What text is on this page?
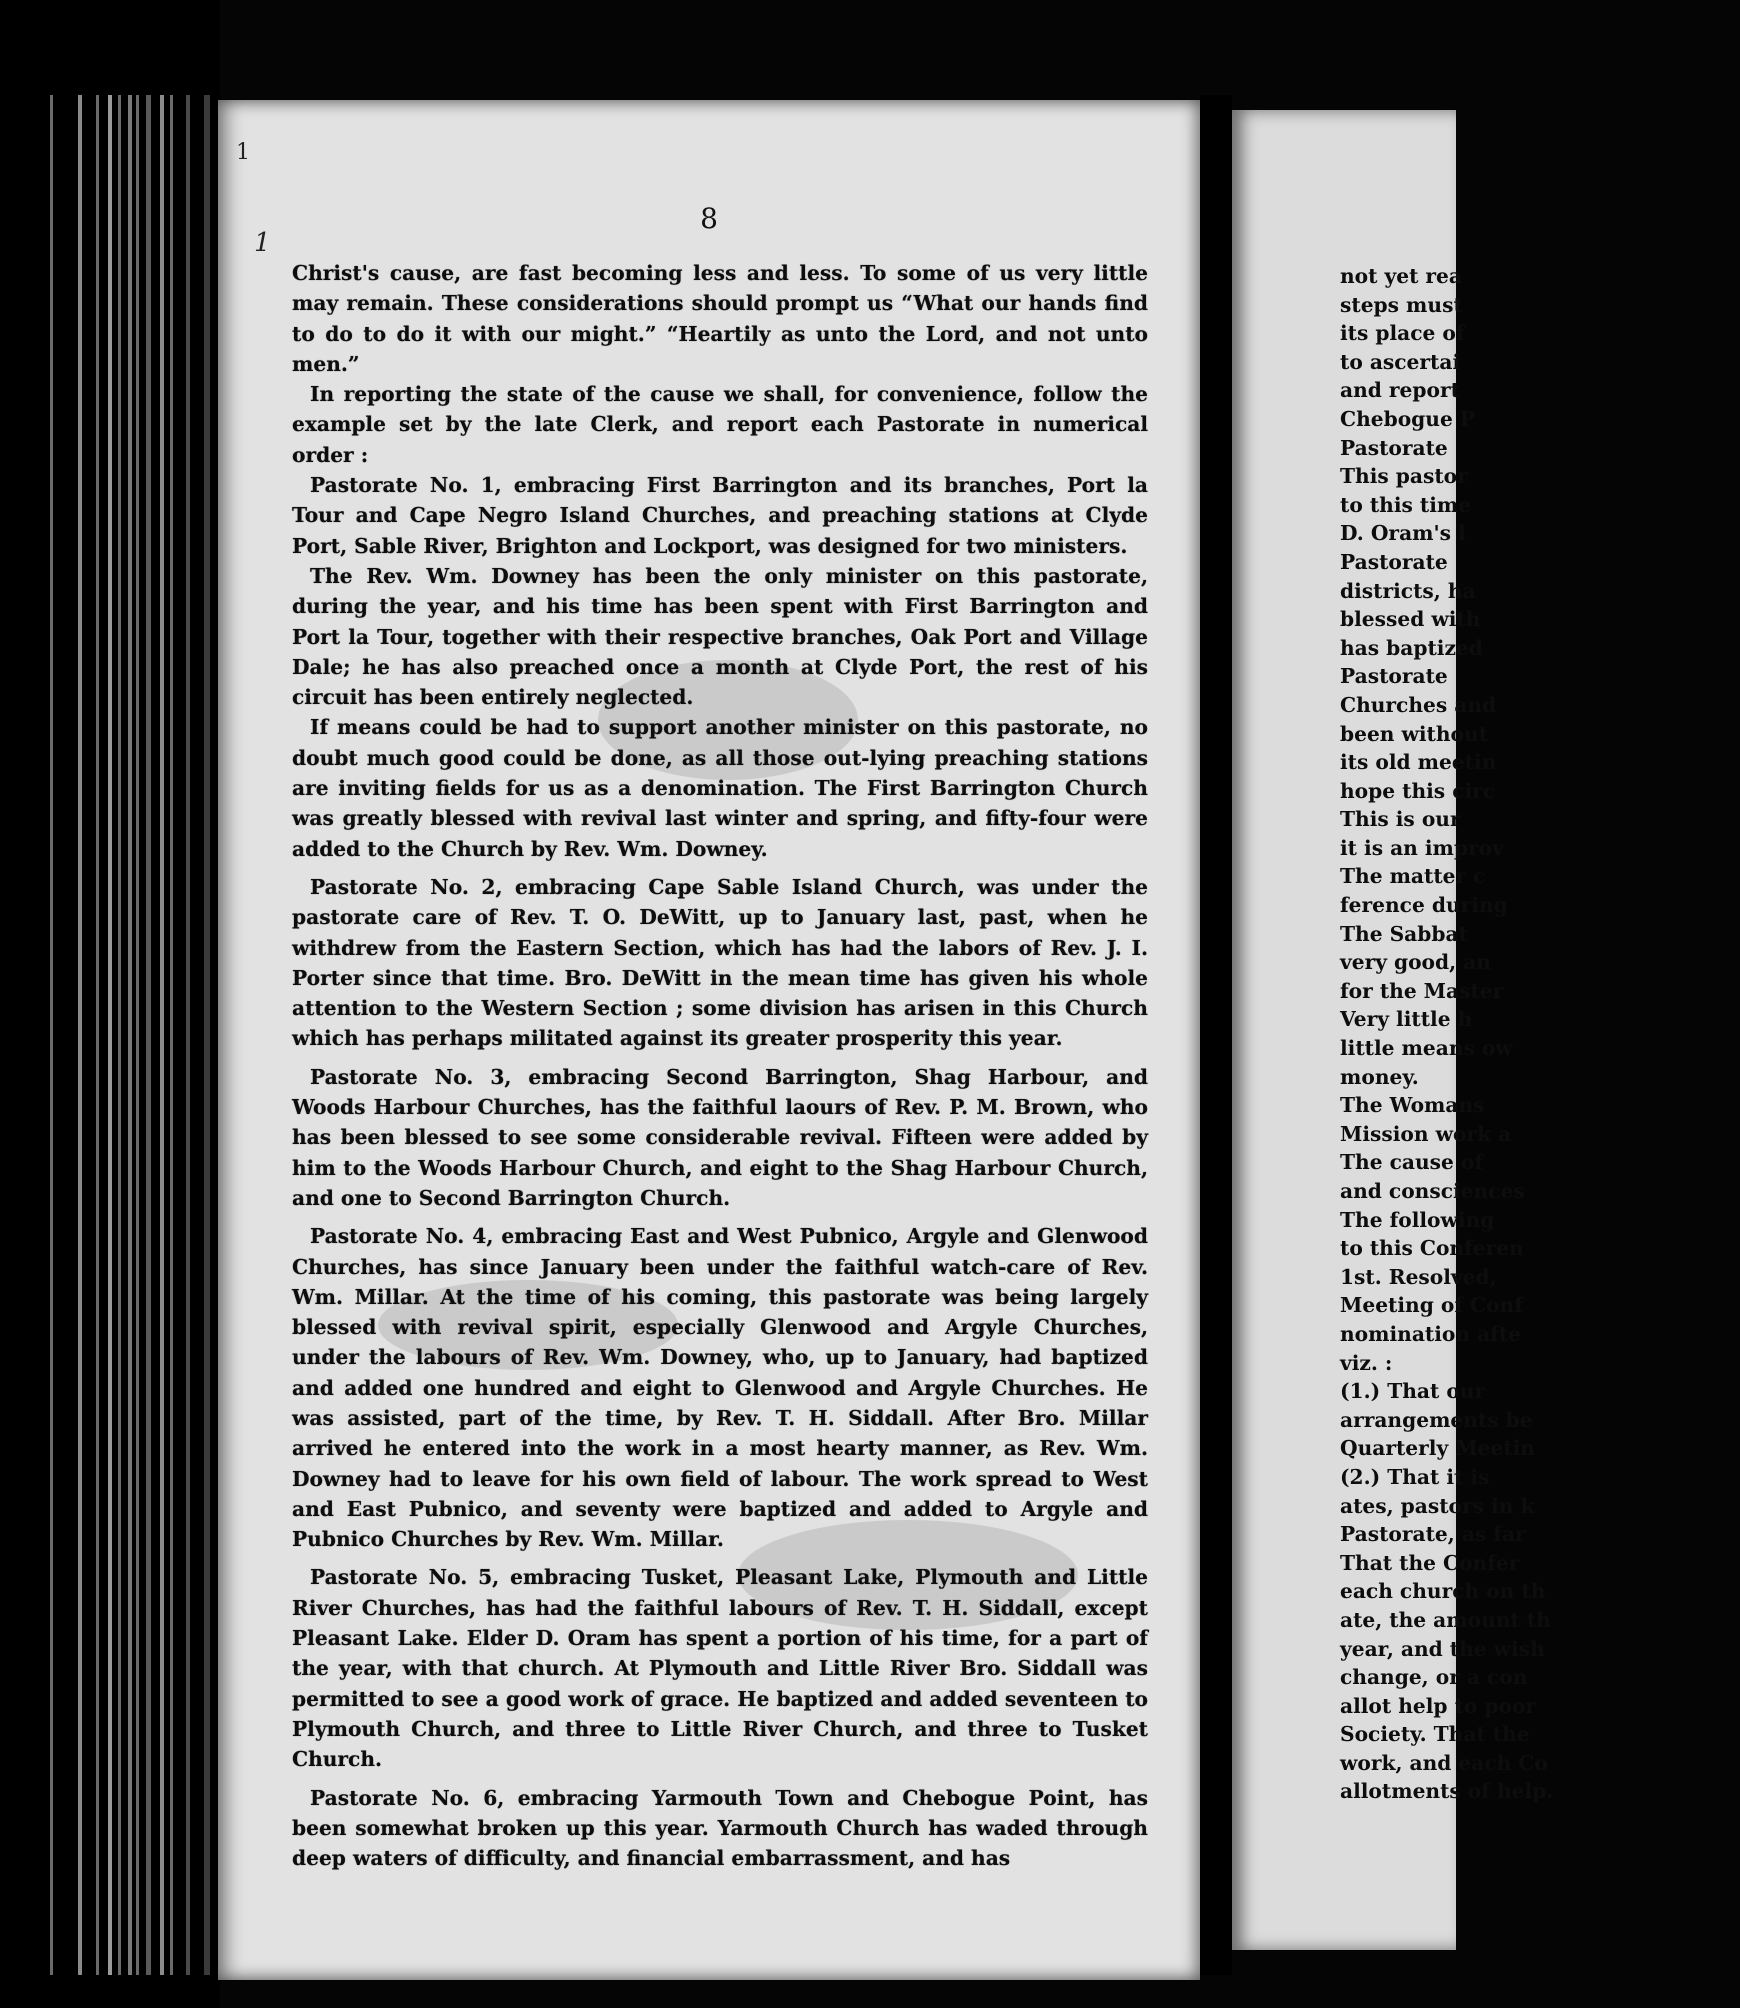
1
8
1

Christ's cause, are fast becoming less and less. To some of us very little may remain. These considerations should prompt us “What our hands find to do to do it with our might.” “Heartily as unto the Lord, and not unto men.”

In reporting the state of the cause we shall, for convenience, follow the example set by the late Clerk, and report each Pastorate in numerical order :

Pastorate No. 1, embracing First Barrington and its branches, Port la Tour and Cape Negro Island Churches, and preaching stations at Clyde Port, Sable River, Brighton and Lockport, was designed for two ministers.

The Rev. Wm. Downey has been the only minister on this pastorate, during the year, and his time has been spent with First Barrington and Port la Tour, together with their respective branches, Oak Port and Village Dale; he has also preached once a month at Clyde Port, the rest of his circuit has been entirely neglected.

If means could be had to support another minister on this pastorate, no doubt much good could be done, as all those out-lying preaching stations are inviting fields for us as a denomination. The First Barrington Church was greatly blessed with revival last winter and spring, and fifty-four were added to the Church by Rev. Wm. Downey.

Pastorate No. 2, embracing Cape Sable Island Church, was under the pastorate care of Rev. T. O. DeWitt, up to January last, past, when he withdrew from the Eastern Section, which has had the labors of Rev. J. I. Porter since that time. Bro. DeWitt in the mean time has given his whole attention to the Western Section ; some division has arisen in this Church which has perhaps militated against its greater prosperity this year.

Pastorate No. 3, embracing Second Barrington, Shag Harbour, and Woods Harbour Churches, has the faithful laours of Rev. P. M. Brown, who has been blessed to see some considerable revival. Fifteen were added by him to the Woods Harbour Church, and eight to the Shag Harbour Church, and one to Second Barrington Church.

Pastorate No. 4, embracing East and West Pubnico, Argyle and Glenwood Churches, has since January been under the faithful watch-care of Rev. Wm. Millar. At the time of his coming, this pastorate was being largely blessed with revival spirit, especially Glenwood and Argyle Churches, under the labours of Rev. Wm. Downey, who, up to January, had baptized and added one hundred and eight to Glenwood and Argyle Churches. He was assisted, part of the time, by Rev. T. H. Siddall. After Bro. Millar arrived he entered into the work in a most hearty manner, as Rev. Wm. Downey had to leave for his own field of labour. The work spread to West and East Pubnico, and seventy were baptized and added to Argyle and Pubnico Churches by Rev. Wm. Millar.

Pastorate No. 5, embracing Tusket, Pleasant Lake, Plymouth and Little River Churches, has had the faithful labours of Rev. T. H. Siddall, except Pleasant Lake. Elder D. Oram has spent a portion of his time, for a part of the year, with that church. At Plymouth and Little River Bro. Siddall was permitted to see a good work of grace. He baptized and added seventeen to Plymouth Church, and three to Little River Church, and three to Tusket Church.

Pastorate No. 6, embracing Yarmouth Town and Chebogue Point, has been somewhat broken up this year. Yarmouth Church has waded through deep waters of difficulty, and financial embarrassment, and has

not yet rea
steps must
its place of
to ascertai
and report
Chebogue P
Pastorate
This pastor
to this time
D. Oram's l
Pastorate
districts, ha
blessed with
has baptized
Pastorate
Churches and
been without
its old meetin
hope this circ
This is our
it is an improv
The matter c
ference during
The Sabbat
very good, an
for the Master
Very little h
little means ow
money.
The Womans
Mission work a
The cause of
and consciences
The following
to this Conferen
1st. Resolved,
Meeting of Conf
nomination afte
viz. :
(1.) That our
arrangements be
Quarterly Meetin
(2.) That it is
ates, pastors in k
Pastorate, as far
That the Confer
each church on th
ate, the amount th
year, and the wish
change, or a con
allot help to poor
Society. That the
work, and each Co
allotments of help.
